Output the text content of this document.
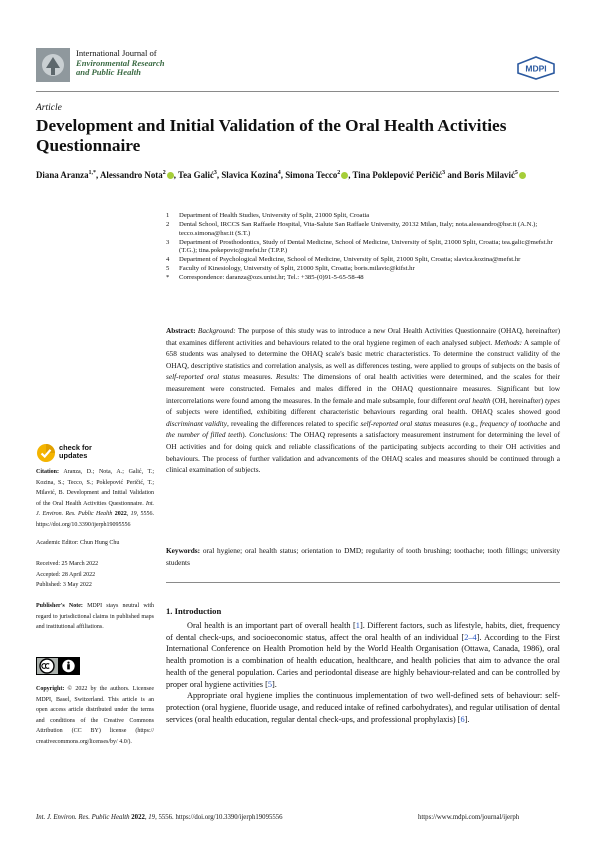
International Journal of
Environmental Research
and Public Health	MDPI
Article
Development and Initial Validation of the Oral Health Activities Questionnaire
Diana Aranza$^{1,*}$, Alessandro Nota$^2$ , Tea Galić$^3$, Slavica Kozina$^4$, Simona Tecco$^2$ , Tina Poklepović Peričić$^3$ and Boris Milavić$^5$
1	Department of Health Studies, University of Split, 21000 Split, Croatia
2	Dental School, IRCCS San Raffaele Hospital, Vita-Salute San Raffaele University, 20132 Milan, Italy; nota.alessandro@hsr.it (A.N.); tecco.simona@hsr.it (S.T.)
3	Department of Prosthodontics, Study of Dental Medicine, School of Medicine, University of Split, 21000 Split, Croatia; tea.galic@mefst.hr (T.G.); tina.pokepovic@mefst.hr (T.P.P.)
4	Department of Psychological Medicine, School of Medicine, University of Split, 21000 Split, Croatia; slavica.kozina@mefst.hr
5	Faculty of Kinesiology, University of Split, 21000 Split, Croatia; boris.milavic@kifst.hr
*	Correspondence: daranza@ozs.unist.hr; Tel.: +385-(0)91-5-65-58-48
Abstract: Background: The purpose of this study was to introduce a new Oral Health Activities Questionnaire (OHAQ, hereinafter) that examines different activities and behaviours related to the oral hygiene regimen of each analysed subject. Methods: A sample of 658 students was analysed to determine the OHAQ scale's basic metric characteristics. To determine the construct validity of the OHAQ, descriptive statistics and correlation analysis, as well as differences testing, were applied to groups of subjects on the basis of self-reported oral status measures. Results: The dimensions of oral health activities were determined, and the scales for their measurement were constructed. Females and males differed in the OHAQ questionnaire measures. Significant but low intercorrelations were found among the measures. In the female and male subsample, four different oral health (OH, hereinafter) types of subjects were identified, exhibiting different characteristic behaviours regarding oral health. OHAQ scales showed good discriminant validity, revealing the differences related to specific self-reported oral status measures (e.g., frequency of toothache and the number of filled teeth). Conclusions: The OHAQ represents a satisfactory measurement instrument for determining the level of OH activities and for doing quick and reliable classifications of the participating subjects according to their OH activities and behaviours. The process of further validation and advancements of the OHAQ scales and measures should be continued through a clinical examination of subjects.
Keywords: oral hygiene; oral health status; orientation to DMD; regularity of tooth brushing; toothache; tooth fillings; university students
1. Introduction

Oral health is an important part of overall health [1]. Different factors, such as lifestyle, habits, diet, frequency of dental check-ups, and socioeconomic status, affect the oral health of an individual [2–4]. According to the First International Conference on Health Promotion held by the World Health Organisation (Ottawa, Canada, 1986), oral health promotion is a combination of health education, healthcare, and health policies that aim to advance the oral health of the general population. Caries and periodontal disease are highly behaviour-related and can be controlled by proper oral hygiene activities [5].

Appropriate oral hygiene implies the continuous implementation of two well-defined sets of behaviour: self-protection (oral hygiene, fluoride usage, and reduced intake of refined carbohydrates), and regular utilisation of dental services (oral health education, regular dental check-ups, and professional prophylaxis) [6].

check for
updates
Citation: Aranza, D.; Nota, A.; Galić, T.; Kozina, S.; Tecco, S.; Poklepović Peričić, T.; Milavić, B. Development and Initial Validation of the Oral Health Activities Questionnaire. Int. J. Environ. Res. Public Health 2022, 19, 5556. https://doi.org/10.3390/ijerph19095556
Academic Editor: Chun Hung Chu
Received: 25 March 2022
Accepted: 28 April 2022
Published: 3 May 2022
Publisher's Note: MDPI stays neutral with regard to jurisdictional claims in published maps and institutional affiliations.
Copyright: © 2022 by the authors. Licensee MDPI, Basel, Switzerland. This article is an open access article distributed under the terms and conditions of the Creative Commons Attribution (CC BY) license (https:// creativecommons.org/licenses/by/ 4.0/).
Int. J. Environ. Res. Public Health 2022, 19, 5556. https://doi.org/10.3390/ijerph19095556	https://www.mdpi.com/journal/ijerph
